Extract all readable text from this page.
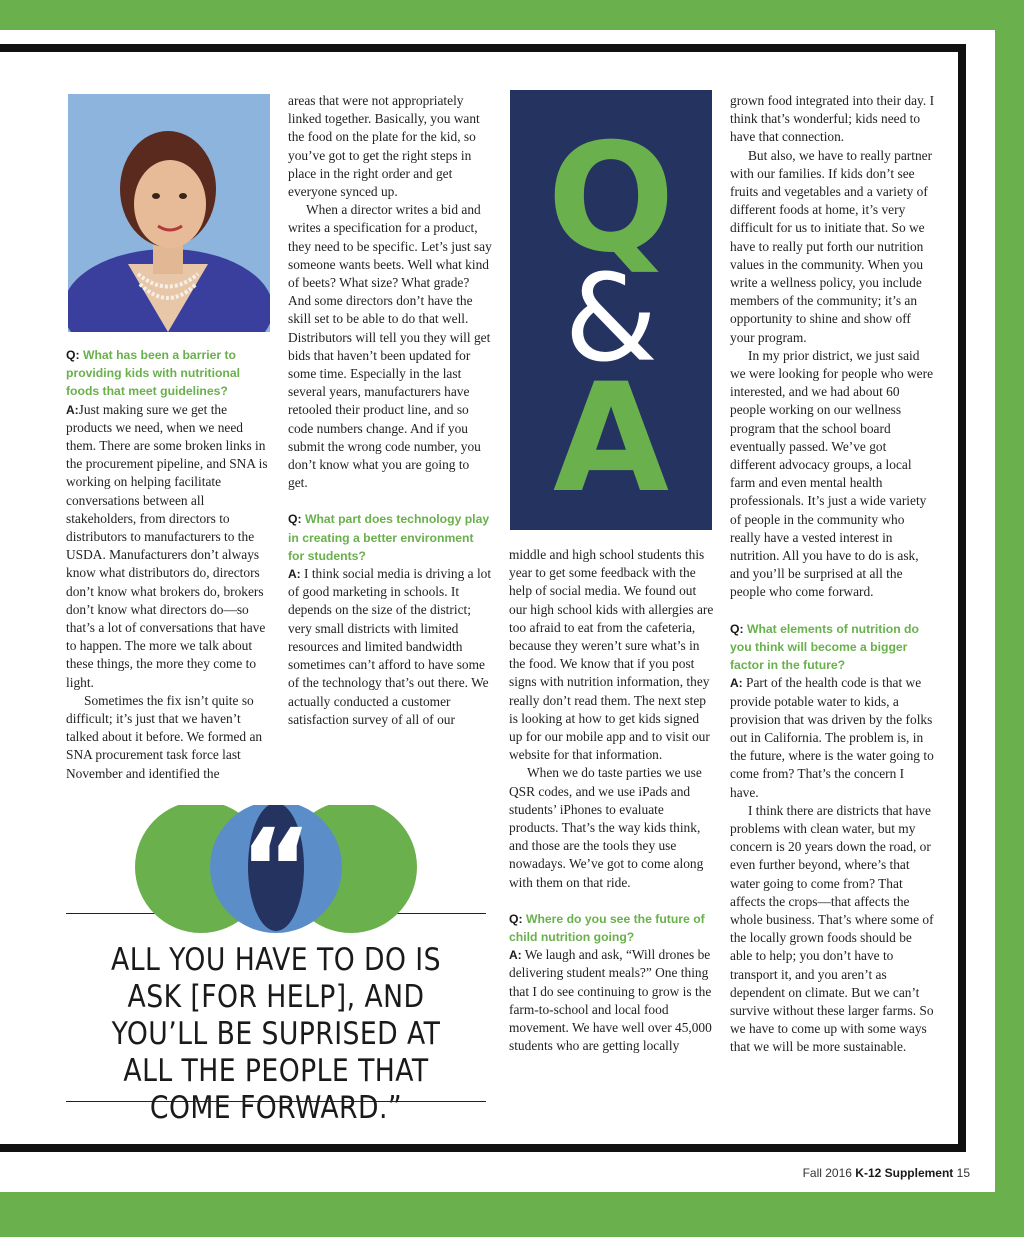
Q: What has been a barrier to providing kids with nutritional foods that meet guidelines?

A:Just making sure we get the products we need, when we need them. There are some broken links in the procurement pipeline, and SNA is working on helping facilitate conversations between all stakeholders, from directors to distributors to manufacturers to the USDA. Manufacturers don’t always know what distributors do, directors don’t know what brokers do, brokers don’t know what directors do—so that’s a lot of conversations that have to happen. The more we talk about these things, the more they come to light.

Sometimes the fix isn’t quite so difficult; it’s just that we haven’t talked about it before. We formed an SNA procurement task force last November and identified the

areas that were not appropriately linked together. Basically, you want the food on the plate for the kid, so you’ve got to get the right steps in place in the right order and get everyone synced up.

When a director writes a bid and writes a specification for a product, they need to be specific. Let’s just say someone wants beets. Well what kind of beets? What size? What grade? And some directors don’t have the skill set to be able to do that well. Distributors will tell you they will get bids that haven’t been updated for some time. Especially in the last several years, manufacturers have retooled their product line, and so code numbers change. And if you submit the wrong code number, you don’t know what you are going to get.

Q: What part does technology play in creating a better environment for students?

A: I think social media is driving a lot of good marketing in schools. It depends on the size of the district; very small districts with limited resources and limited bandwidth sometimes can’t afford to have some of the technology that’s out there. We actually conducted a customer satisfaction survey of all of our

Q
&
A

middle and high school students this year to get some feedback with the help of social media. We found out our high school kids with allergies are too afraid to eat from the cafeteria, because they weren’t sure what’s in the food. We know that if you post signs with nutrition information, they really don’t read them. The next step is looking at how to get kids signed up for our mobile app and to visit our website for that information.

When we do taste parties we use QSR codes, and we use iPads and students’ iPhones to evaluate products. That’s the way kids think, and those are the tools they use nowadays. We’ve got to come along with them on that ride.

Q: Where do you see the future of child nutrition going?

A: We laugh and ask, “Will drones be delivering student meals?” One thing that I do see continuing to grow is the farm-to-school and local food movement. We have well over 45,000 students who are getting locally

grown food integrated into their day. I think that’s wonderful; kids need to have that connection.

But also, we have to really partner with our families. If kids don’t see fruits and vegetables and a variety of different foods at home, it’s very difficult for us to initiate that. So we have to really put forth our nutrition values in the community. When you write a wellness policy, you include members of the community; it’s an opportunity to shine and show off your program.

In my prior district, we just said we were looking for people who were interested, and we had about 60 people working on our wellness program that the school board eventually passed. We’ve got different advocacy groups, a local farm and even mental health professionals. It’s just a wide variety of people in the community who really have a vested interest in nutrition. All you have to do is ask, and you’ll be surprised at all the people who come forward.

Q: What elements of nutrition do you think will become a bigger factor in the future?

A: Part of the health code is that we provide potable water to kids, a provision that was driven by the folks out in California. The problem is, in the future, where is the water going to come from? That’s the concern I have.

I think there are districts that have problems with clean water, but my concern is 20 years down the road, or even further beyond, where’s that water going to come from? That affects the crops—that affects the whole business. That’s where some of the locally grown foods should be able to help; you don’t have to transport it, and you aren’t as dependent on climate. But we can’t survive without these larger farms. So we have to come up with some ways that we will be more sustainable.

“
ALL YOU HAVE TO DO IS ASK [FOR HELP], AND YOU’LL BE SUPRISED AT ALL THE PEOPLE THAT COME FORWARD.”
Fall 2016 K-12 Supplement 15
